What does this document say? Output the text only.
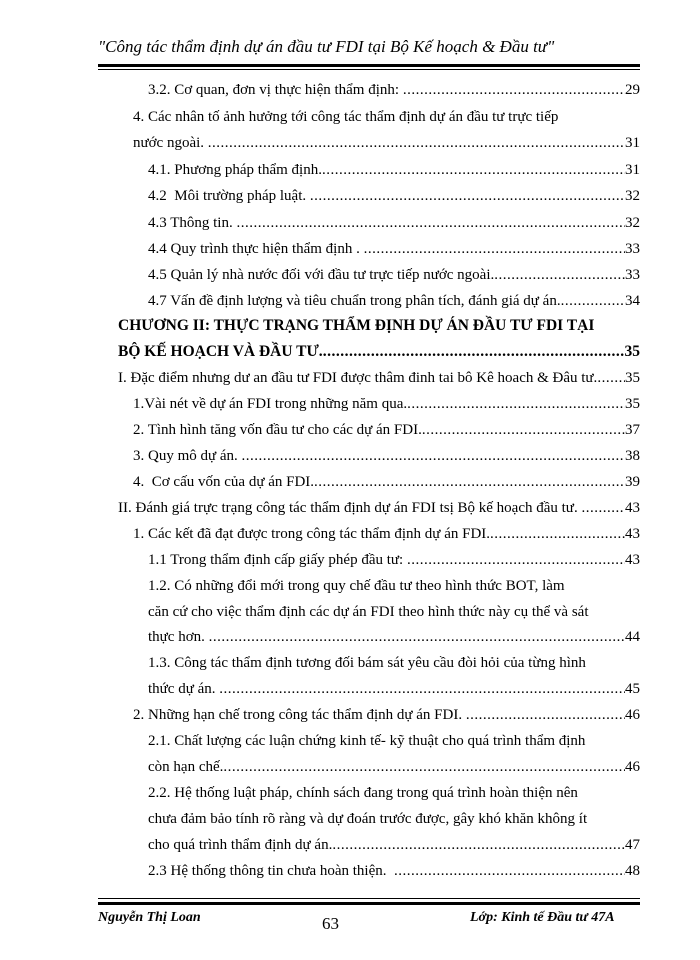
"Công tác thẩm định dự án đầu tư FDI tại Bộ Kế hoạch & Đầu tư"
3.2. Cơ quan, đơn vị thực hiện thẩm định: .....	29
4. Các nhân tố ảnh hưởng tới công tác thẩm định dự án đầu tư trực tiếp
nước ngoài. .....	31
4.1. Phương pháp thẩm định. .....	31
4.2  Môi trường pháp luật. .....	32
4.3 Thông tin. .....	32
4.4 Quy trình thực hiện thẩm định . .....	33
4.5 Quản lý nhà nước đối với đầu tư trực tiếp nước ngoài. .....	33
4.7 Vấn đề định lượng và tiêu chuẩn trong phân tích, đánh giá dự án. .....	34
CHƯƠNG II: THỰC TRẠNG THẨM ĐỊNH DỰ ÁN ĐẦU TƯ FDI TẠI
BỘ KẾ HOẠCH VÀ ĐẦU TƯ. .....	35
I. Đặc điểm nhưng dư an đầu tư FDI được thâm đinh tai bô Kê hoach & Đâu tư. ..... 35
1.Vài nét về dự án FDI trong những năm qua. .....	35
2. Tình hình tăng vốn đầu tư cho các dự án FDI. .....	37
3. Quy mô dự án. .....	38
4.  Cơ cấu vốn của dự án FDI. .....	39
II. Đánh giá trực trạng công tác thẩm định dự án FDI tsị Bộ kế hoạch đầu tư. .....	43
1. Các kết đã đạt được trong công tác thẩm định dự án FDI. .....	43
1.1 Trong thẩm định cấp giấy phép đầu tư: .....	43
1.2. Có những đổi mới trong quy chế đầu tư theo hình thức BOT, làm
căn cứ cho việc thẩm định các dự án FDI theo hình thức này cụ thể và sát
thực hơn. .....	44
1.3. Công tác thẩm định tương đối bám sát yêu cầu đòi hỏi của từng hình
thức dự án. .....	45
2. Những hạn chế trong công tác thẩm định dự án FDI. .....	46
2.1. Chất lượng các luận chứng kinh tế- kỹ thuật cho quá trình thẩm định
còn hạn chế. .....	46
2.2. Hệ thống luật pháp, chính sách đang trong quá trình hoàn thiện nên
chưa đảm bảo tính rõ ràng và dự đoán trước được, gây khó khăn không ít
cho quá trình thẩm định dự án. .....	47
2.3 Hệ thống thông tin chưa hoàn thiện. .....	48
Nguyễn Thị Loan	63	Lớp: Kinh tế Đầu tư 47A
